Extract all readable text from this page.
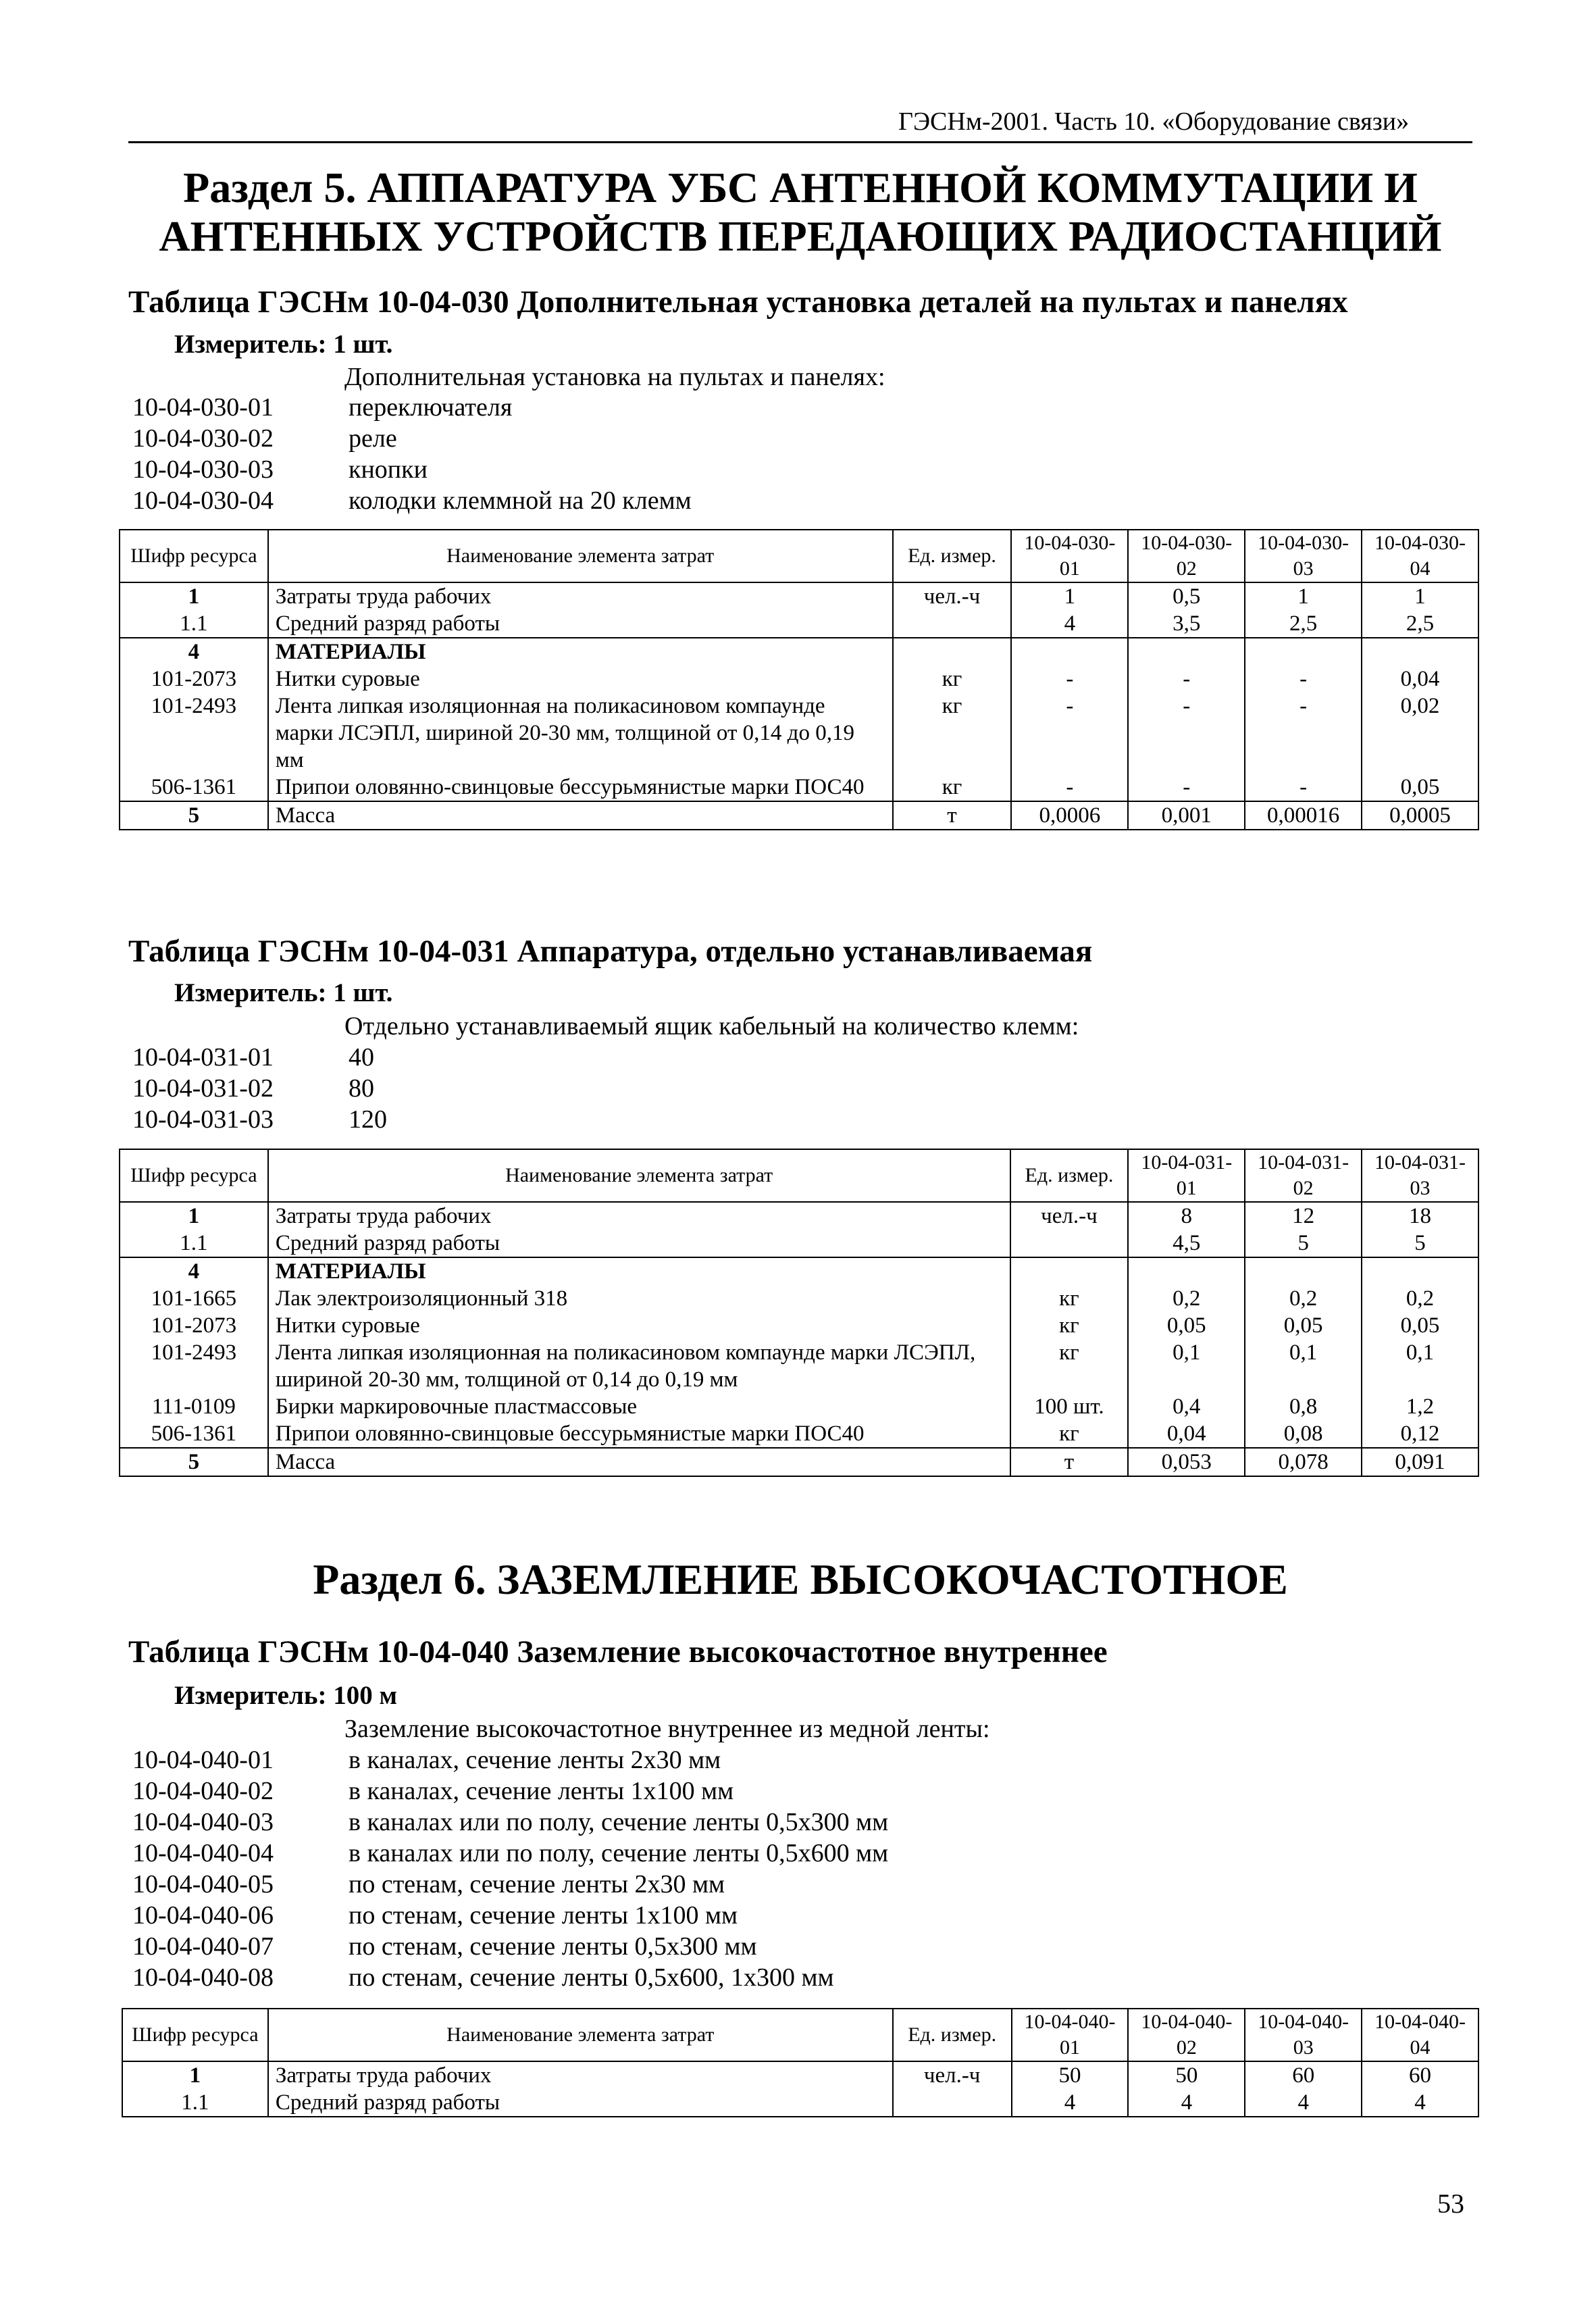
ГЭСНм-2001. Часть 10. «Оборудование связи»
Раздел 5. АППАРАТУРА УБС АНТЕННОЙ КОММУТАЦИИ И
АНТЕННЫХ УСТРОЙСТВ ПЕРЕДАЮЩИХ РАДИОСТАНЦИЙ
Таблица ГЭСНм 10-04-030 Дополнительная установка деталей на пультах и панелях
Измеритель: 1 шт.
Дополнительная установка на пультах и панелях:
10-04-030-01	переключателя
10-04-030-02	реле
10-04-030-03	кнопки
10-04-030-04	колодки клеммной на 20 клемм
Шифр ресурса	Наименование элемента затрат	Ед. измер.	10-04-030-01	10-04-030-02	10-04-030-03	10-04-030-04
1	Затраты труда рабочих	чел.-ч	1	0,5	1	1
1.1	Средний разряд работы		4	3,5	2,5	2,5
4	МАТЕРИАЛЫ					
101-2073	Нитки суровые	кг	-	-	-	0,04
101-2493	Лента липкая изоляционная на поликасиновом компаунде марки ЛСЭПЛ, шириной 20-30 мм, толщиной от 0,14 до 0,19 мм	кг	-	-	-	0,02
506-1361	Припои оловянно-свинцовые бессурьмянистые марки ПОС40	кг	-	-	-	0,05
5	Масса	т	0,0006	0,001	0,00016	0,0005
Таблица ГЭСНм 10-04-031 Аппаратура, отдельно устанавливаемая
Измеритель: 1 шт.
Отдельно устанавливаемый ящик кабельный на количество клемм:
10-04-031-01	40
10-04-031-02	80
10-04-031-03	120
Шифр ресурса	Наименование элемента затрат	Ед. измер.	10-04-031-01	10-04-031-02	10-04-031-03
1	Затраты труда рабочих	чел.-ч	8	12	18
1.1	Средний разряд работы		4,5	5	5
4	МАТЕРИАЛЫ				
101-1665	Лак электроизоляционный 318	кг	0,2	0,2	0,2
101-2073	Нитки суровые	кг	0,05	0,05	0,05
101-2493	Лента липкая изоляционная на поликасиновом компаунде марки ЛСЭПЛ, шириной 20-30 мм, толщиной от 0,14 до 0,19 мм	кг	0,1	0,1	0,1
111-0109	Бирки маркировочные пластмассовые	100 шт.	0,4	0,8	1,2
506-1361	Припои оловянно-свинцовые бессурьмянистые марки ПОС40	кг	0,04	0,08	0,12
5	Масса	т	0,053	0,078	0,091
Раздел 6. ЗАЗЕМЛЕНИЕ ВЫСОКОЧАСТОТНОЕ
Таблица ГЭСНм 10-04-040 Заземление высокочастотное внутреннее
Измеритель: 100 м
Заземление высокочастотное внутреннее из медной ленты:
10-04-040-01	в каналах, сечение ленты 2х30 мм
10-04-040-02	в каналах, сечение ленты 1х100 мм
10-04-040-03	в каналах или по полу, сечение ленты 0,5х300 мм
10-04-040-04	в каналах или по полу, сечение ленты 0,5х600 мм
10-04-040-05	по стенам, сечение ленты 2х30 мм
10-04-040-06	по стенам, сечение ленты 1х100 мм
10-04-040-07	по стенам, сечение ленты 0,5х300 мм
10-04-040-08	по стенам, сечение ленты 0,5х600, 1х300 мм
Шифр ресурса	Наименование элемента затрат	Ед. измер.	10-04-040-01	10-04-040-02	10-04-040-03	10-04-040-04
1	Затраты труда рабочих	чел.-ч	50	50	60	60
1.1	Средний разряд работы		4	4	4	4
53
